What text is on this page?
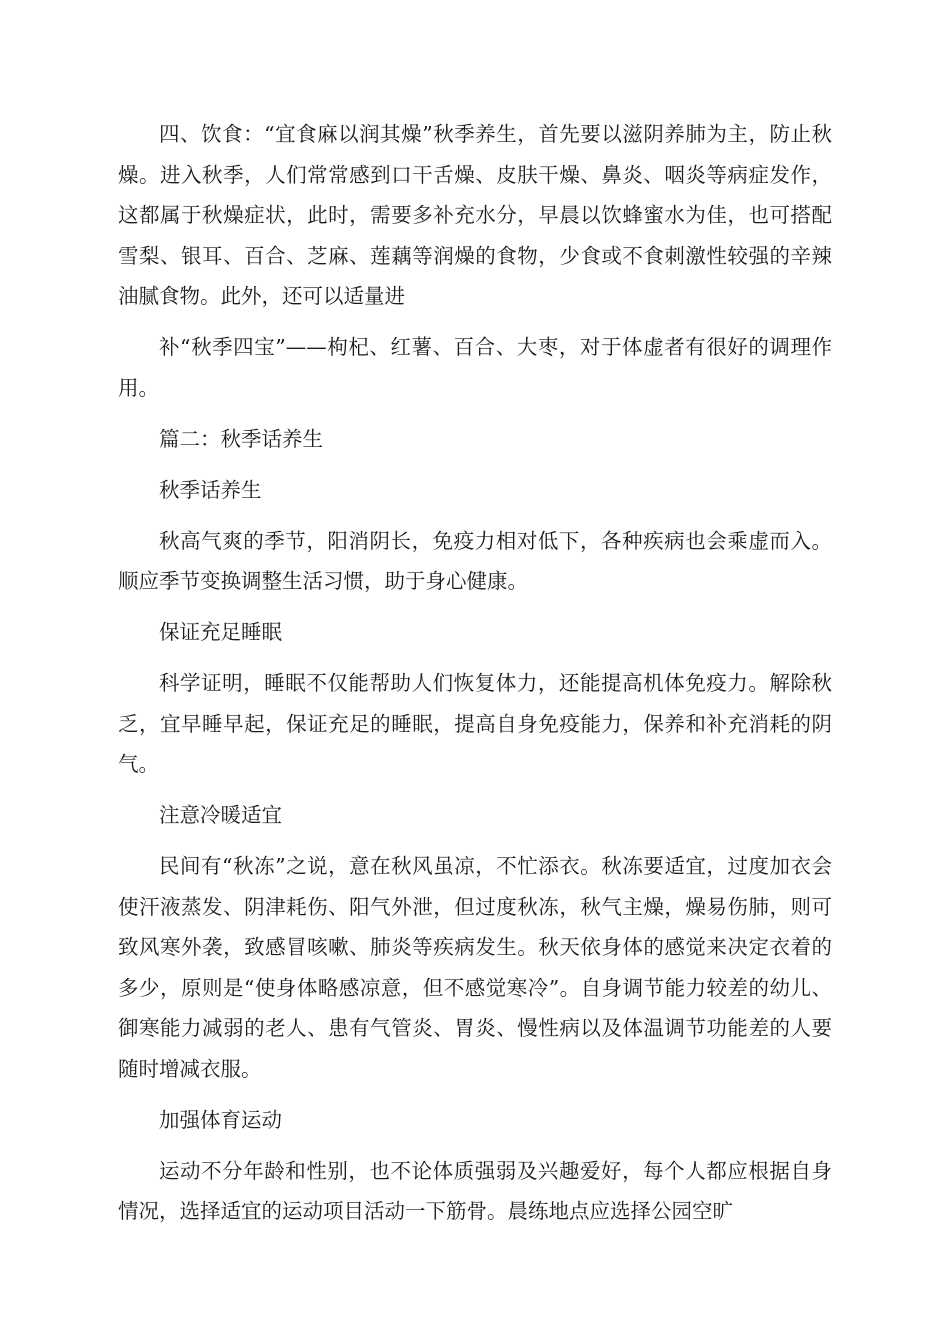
四、饮食：“宜食麻以润其燥”秋季养生，首先要以滋阴养肺为主，防止秋燥。进入秋季，人们常常感到口干舌燥、皮肤干燥、鼻炎、咽炎等病症发作，这都属于秋燥症状，此时，需要多补充水分，早晨以饮蜂蜜水为佳，也可搭配雪梨、银耳、百合、芝麻、莲藕等润燥的食物，少食或不食刺激性较强的辛辣油腻食物。此外，还可以适量进

补“秋季四宝”——枸杞、红薯、百合、大枣，对于体虚者有很好的调理作用。

篇二：秋季话养生

秋季话养生

秋高气爽的季节，阳消阴长，免疫力相对低下，各种疾病也会乘虚而入。顺应季节变换调整生活习惯，助于身心健康。

保证充足睡眠

科学证明，睡眠不仅能帮助人们恢复体力，还能提高机体免疫力。解除秋乏，宜早睡早起，保证充足的睡眠，提高自身免疫能力，保养和补充消耗的阴气。

注意冷暖适宜

民间有“秋冻”之说，意在秋风虽凉，不忙添衣。秋冻要适宜，过度加衣会使汗液蒸发、阴津耗伤、阳气外泄，但过度秋冻，秋气主燥，燥易伤肺，则可致风寒外袭，致感冒咳嗽、肺炎等疾病发生。秋天依身体的感觉来决定衣着的多少，原则是“使身体略感凉意，但不感觉寒冷”。自身调节能力较差的幼儿、御寒能力减弱的老人、患有气管炎、胃炎、慢性病以及体温调节功能差的人要随时增减衣服。

加强体育运动

运动不分年龄和性别，也不论体质强弱及兴趣爱好，每个人都应根据自身情况，选择适宜的运动项目活动一下筋骨。晨练地点应选择公园空旷
